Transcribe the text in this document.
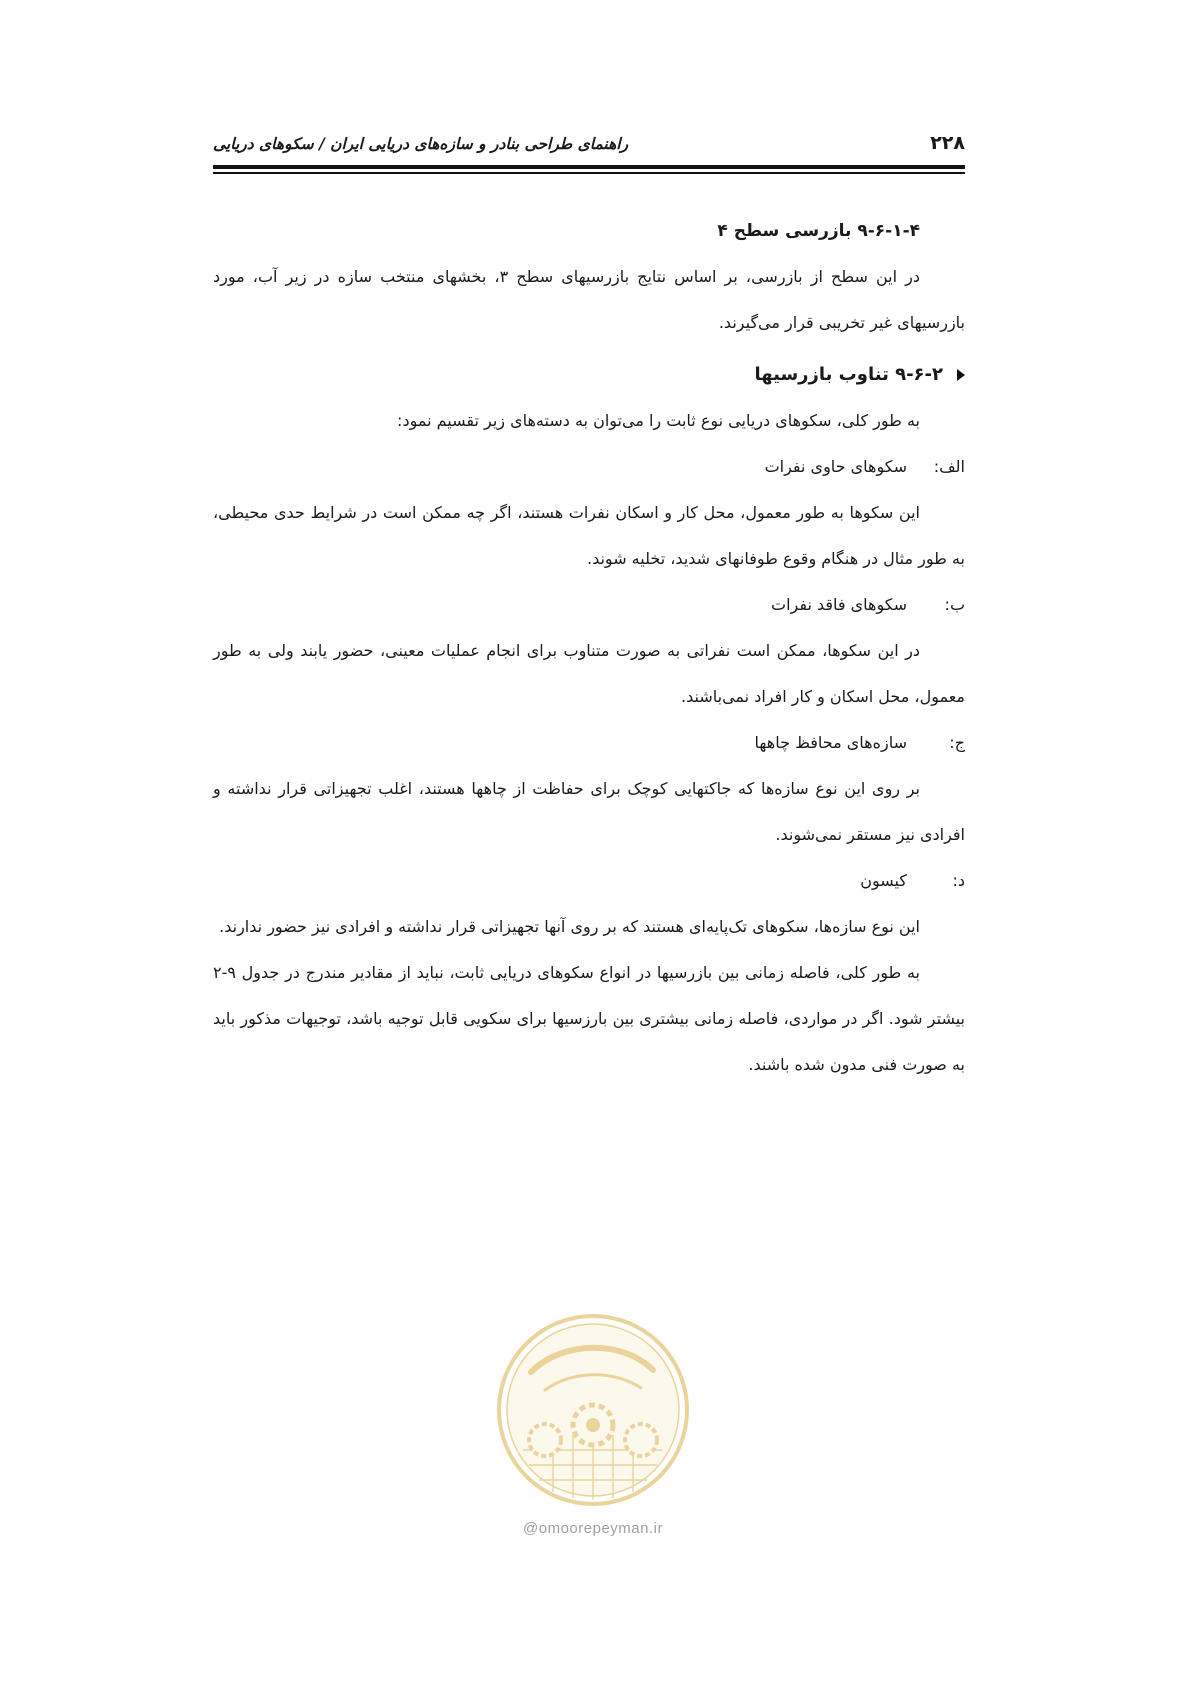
۲۲۸
راهنمای طراحی بنادر و سازه‌های دریایی ایران / سکوهای دریایی

۹-۶-۱-۴ بازرسی سطح ۴

در این سطح از بازرسی، بر اساس نتایج بازرسیهای سطح ۳، بخشهای منتخب سازه در زیر آب، مورد بازرسیهای غیر تخریبی قرار می‌گیرند.

۹-۶-۲ تناوب بازرسیها

به طور کلی، سکوهای دریایی نوع ثابت را می‌توان به دسته‌های زیر تقسیم نمود:

الف:
سکوهای حاوی نفرات

این سکوها به طور معمول، محل کار و اسکان نفرات هستند، اگر چه ممکن است در شرایط حدی محیطی، به طور مثال در هنگام وقوع طوفانهای شدید، تخلیه شوند.

ب:
سکوهای فاقد نفرات

در این سکوها، ممکن است نفراتی به صورت متناوب برای انجام عملیات معینی، حضور یابند ولی به طور معمول، محل اسکان و کار افراد نمی‌باشند.

ج:
سازه‌های محافظ چاهها

بر روی این نوع سازه‌ها که جاکتهایی کوچک برای حفاظت از چاهها هستند، اغلب تجهیزاتی قرار نداشته و افرادی نیز مستقر نمی‌شوند.

د:
کیسون

این نوع سازه‌ها، سکوهای تک‌پایه‌ای هستند که بر روی آنها تجهیزاتی قرار نداشته و افرادی نیز حضور ندارند.

به طور کلی، فاصله زمانی بین بازرسیها در انواع سکوهای دریایی ثابت، نباید از مقادیر مندرج در جدول ۹-۲ بیشتر شود. اگر در مواردی، فاصله زمانی بیشتری بین بارزسیها برای سکویی قابل توجیه باشد، توجیهات مذکور باید به صورت فنی مدون شده باشند.

@omoorepeyman.ir
